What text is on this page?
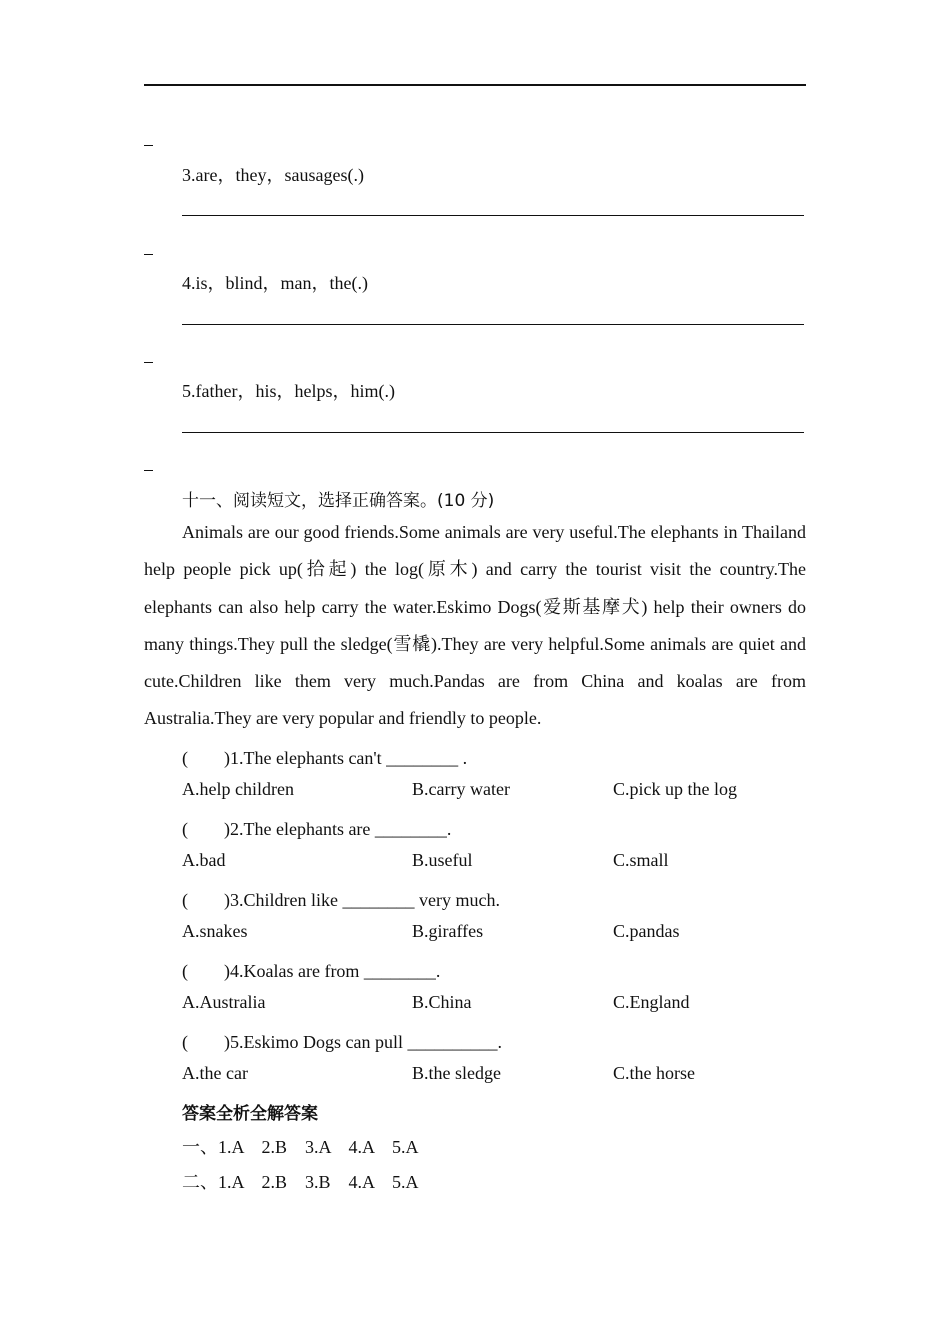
3.are，they，sausages(.)
4.is，blind，man，the(.)
5.father，his，helps，him(.)
十一、阅读短文，选择正确答案。(10 分)
Animals are our good friends.Some animals are very useful.The elephants in Thailand help people pick up(拾起) the log(原木) and carry the tourist visit the country.The elephants can also help carry the water.Eskimo Dogs(爱斯基摩犬) help their owners do many things.They pull the sledge(雪橇).They are very helpful.Some animals are quiet and cute.Children like them very much.Pandas are from China and koalas are from Australia.They are very popular and friendly to people.
(　　)1.The elephants can't ________ .
A.help children	B.carry water	C.pick up the log
(　　)2.The elephants are ________.
A.bad	B.useful	C.small
(　　)3.Children like ________ very much.
A.snakes	B.giraffes	C.pandas
(　　)4.Koalas are from ________.
A.Australia	B.China	C.England
(　　)5.Eskimo Dogs can pull __________.
A.the car	B.the sledge	C.the horse
答案全析全解答案
一、1.A　2.B　3.A　4.A　5.A
二、1.A　2.B　3.B　4.A　5.A
